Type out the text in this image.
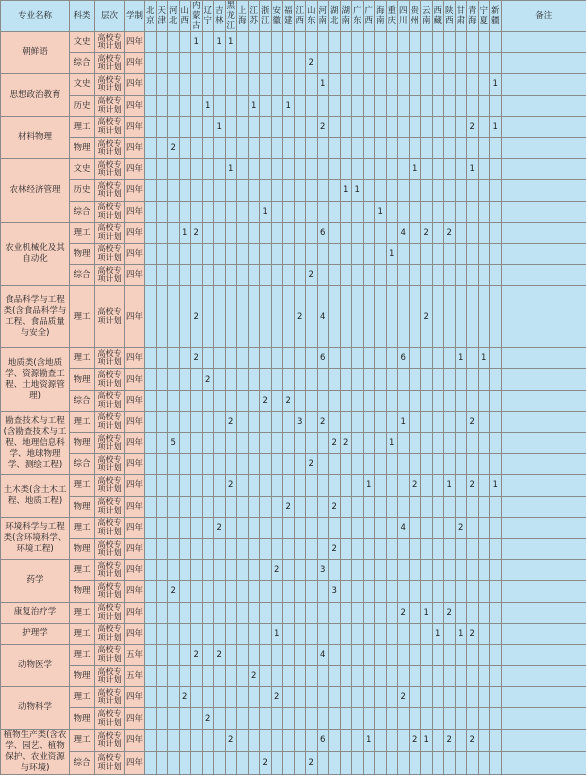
专业名称	科类	层次	学制	北京	天津	河北	山西	内蒙古	辽宁	吉林	黑龙江	上海	江苏	浙江	安徽	福建	江西	山东	河南	湖北	湖南	广东	广西	海南	重庆	四川	贵州	云南	西藏	陕西	甘肃	青海	宁夏	新疆	备注
朝鲜语	文史	高校专项计划	四年					1		1	1																								
	综合	高校专项计划	四年															2																	
思想政治教育	文史	高校专项计划	四年																1															1	
	历史	高校专项计划	四年						1				1			1																			
材料物理	理工	高校专项计划	四年							1									2													2		1	
	物理	高校专项计划	四年			2																													
农林经济管理	文史	高校专项计划	四年								1																1					1			
	历史	高校专项计划	四年																		1	1													
	综合	高校专项计划	四年											1										1											
农业机械化及其自动化	理工	高校专项计划	四年				1	2											6							4		2		2					
	物理	高校专项计划	四年																						1										
	综合	高校专项计划	四年															2																	
食品科学与工程类(含食品科学与工程、食品质量与安全)	理工	高校专项计划	四年					2									2		4									2							
地质类(含地质学、资源勘查工程、土地资源管理)	理工	高校专项计划	四年					2											6							6					1		1		
	物理	高校专项计划	四年						2																										
	综合	高校专项计划	四年											2		2																			
勘查技术与工程(含勘查技术与工程、地理信息科学、地球物理学、测绘工程)	理工	高校专项计划	四年								2						3		2							1						2			
	物理	高校专项计划	四年			5														2	2				1										
	综合	高校专项计划	四年															2																	
土木类(含土木工程、地质工程)	理工	高校专项计划	四年								2												1				2			1		2		1	
	物理	高校专项计划	四年													2				2															
环境科学与工程类(含环境科学、环境工程)	理工	高校专项计划	四年							2																4					2				
	物理	高校专项计划	四年																	2															
药学	理工	高校专项计划	四年												2				3																
	物理	高校专项计划	四年			2														3															
康复治疗学	理工	高校专项计划	四年																							2		1		2					
护理学	理工	高校专项计划	四年												1														1		1	2			
动物医学	理工	高校专项计划	五年					2		2									4																
	物理	高校专项计划	五年										2																						
动物科学	理工	高校专项计划	四年				2								2											2									
	物理	高校专项计划	四年						2																										
植物生产类(含农学、园艺、植物保护、农业资源与环境)	理工	高校专项计划	四年								2								6				1				2	1		2		2			
	综合	高校专项计划	四年											2				2																	
